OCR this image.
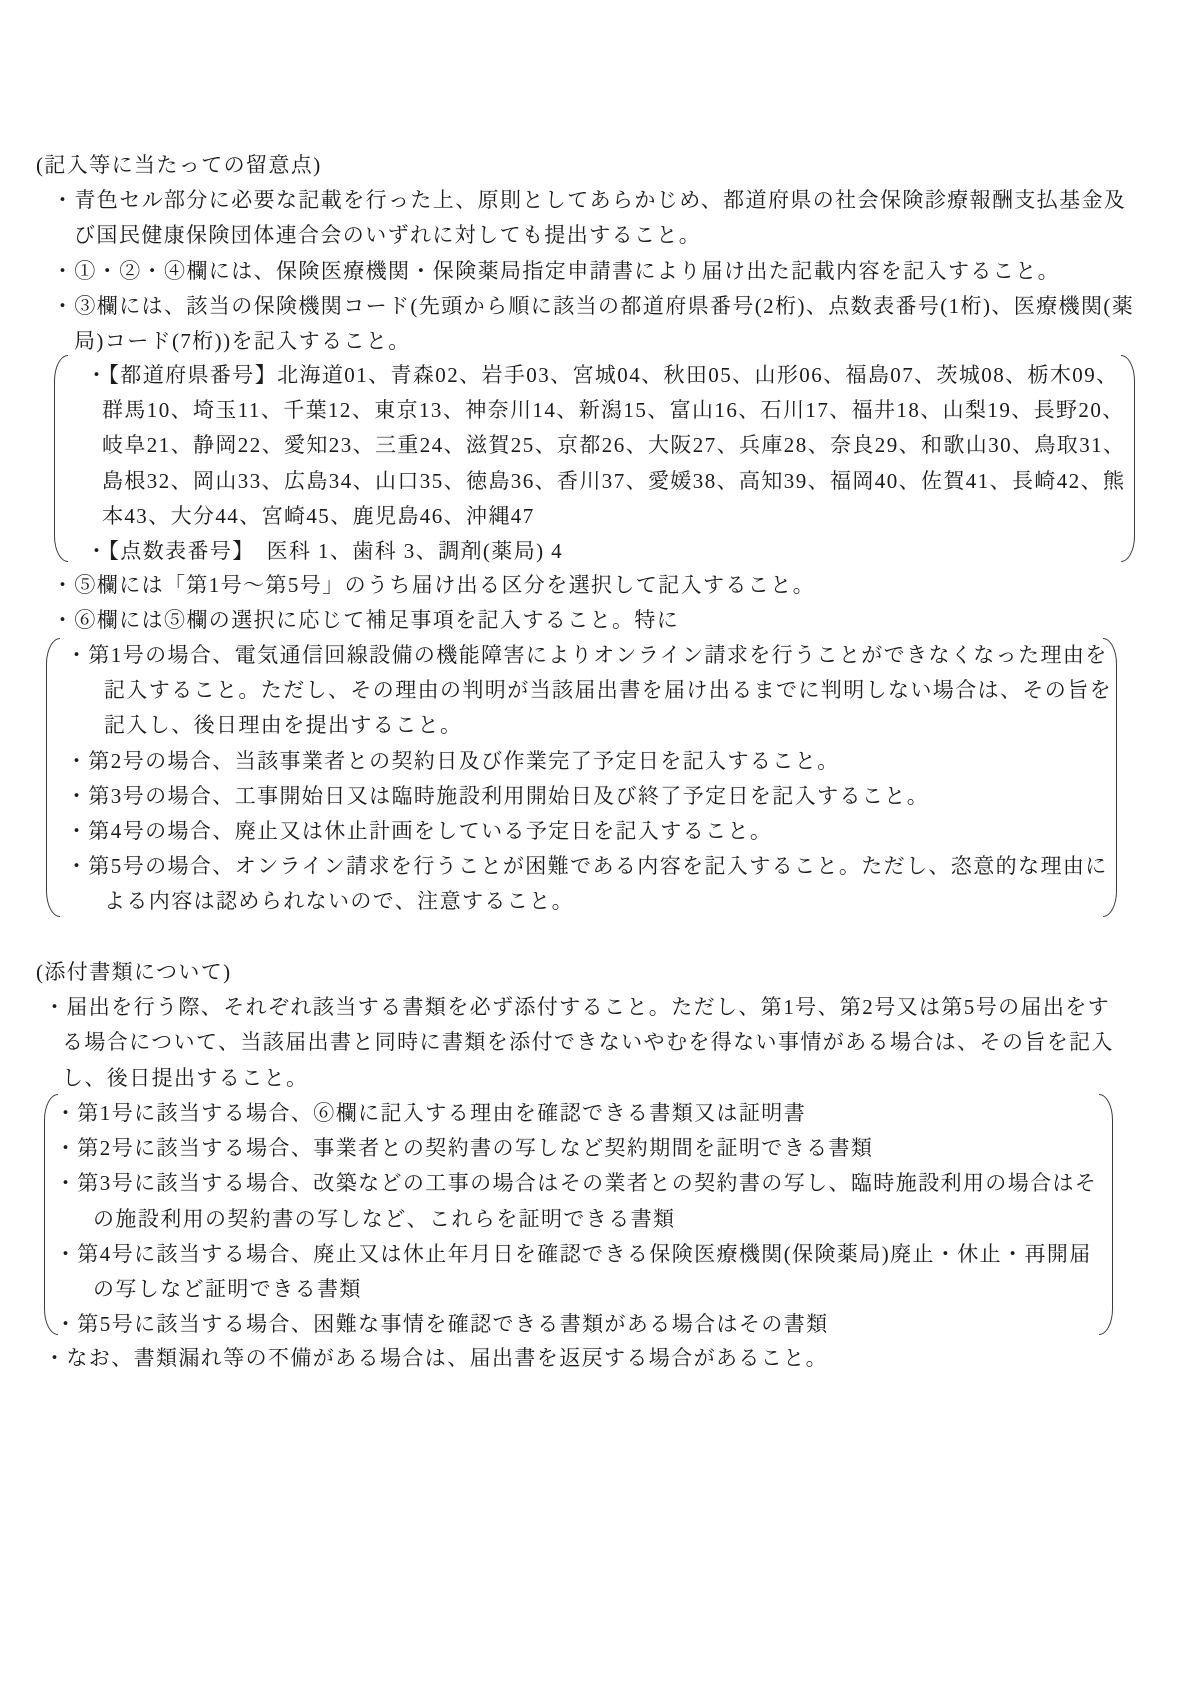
(記入等に当たっての留意点)
・青色セル部分に必要な記載を行った上、原則としてあらかじめ、都道府県の社会保険診療報酬支払基金及
び国民健康保険団体連合会のいずれに対しても提出すること。
・①・②・④欄には、保険医療機関・保険薬局指定申請書により届け出た記載内容を記入すること。
・③欄には、該当の保険機関コード(先頭から順に該当の都道府県番号(2桁)、点数表番号(1桁)、医療機関(薬
局)コード(7桁))を記入すること。
・【都道府県番号】北海道01、青森02、岩手03、宮城04、秋田05、山形06、福島07、茨城08、栃木09、
群馬10、埼玉11、千葉12、東京13、神奈川14、新潟15、富山16、石川17、福井18、山梨19、長野20、
岐阜21、静岡22、愛知23、三重24、滋賀25、京都26、大阪27、兵庫28、奈良29、和歌山30、鳥取31、
島根32、岡山33、広島34、山口35、徳島36、香川37、愛媛38、高知39、福岡40、佐賀41、長崎42、熊
本43、大分44、宮崎45、鹿児島46、沖縄47
・【点数表番号】　医科 1、歯科 3、調剤(薬局) 4
・⑤欄には「第1号〜第5号」のうち届け出る区分を選択して記入すること。
・⑥欄には⑤欄の選択に応じて補足事項を記入すること。特に
・第1号の場合、電気通信回線設備の機能障害によりオンライン請求を行うことができなくなった理由を
記入すること。ただし、その理由の判明が当該届出書を届け出るまでに判明しない場合は、その旨を
記入し、後日理由を提出すること。
・第2号の場合、当該事業者との契約日及び作業完了予定日を記入すること。
・第3号の場合、工事開始日又は臨時施設利用開始日及び終了予定日を記入すること。
・第4号の場合、廃止又は休止計画をしている予定日を記入すること。
・第5号の場合、オンライン請求を行うことが困難である内容を記入すること。ただし、恣意的な理由に
よる内容は認められないので、注意すること。
(添付書類について)
・届出を行う際、それぞれ該当する書類を必ず添付すること。ただし、第1号、第2号又は第5号の届出をす
る場合について、当該届出書と同時に書類を添付できないやむを得ない事情がある場合は、その旨を記入
し、後日提出すること。
・第1号に該当する場合、⑥欄に記入する理由を確認できる書類又は証明書
・第2号に該当する場合、事業者との契約書の写しなど契約期間を証明できる書類
・第3号に該当する場合、改築などの工事の場合はその業者との契約書の写し、臨時施設利用の場合はそ
の施設利用の契約書の写しなど、これらを証明できる書類
・第4号に該当する場合、廃止又は休止年月日を確認できる保険医療機関(保険薬局)廃止・休止・再開届
の写しなど証明できる書類
・第5号に該当する場合、困難な事情を確認できる書類がある場合はその書類
・なお、書類漏れ等の不備がある場合は、届出書を返戻する場合があること。
